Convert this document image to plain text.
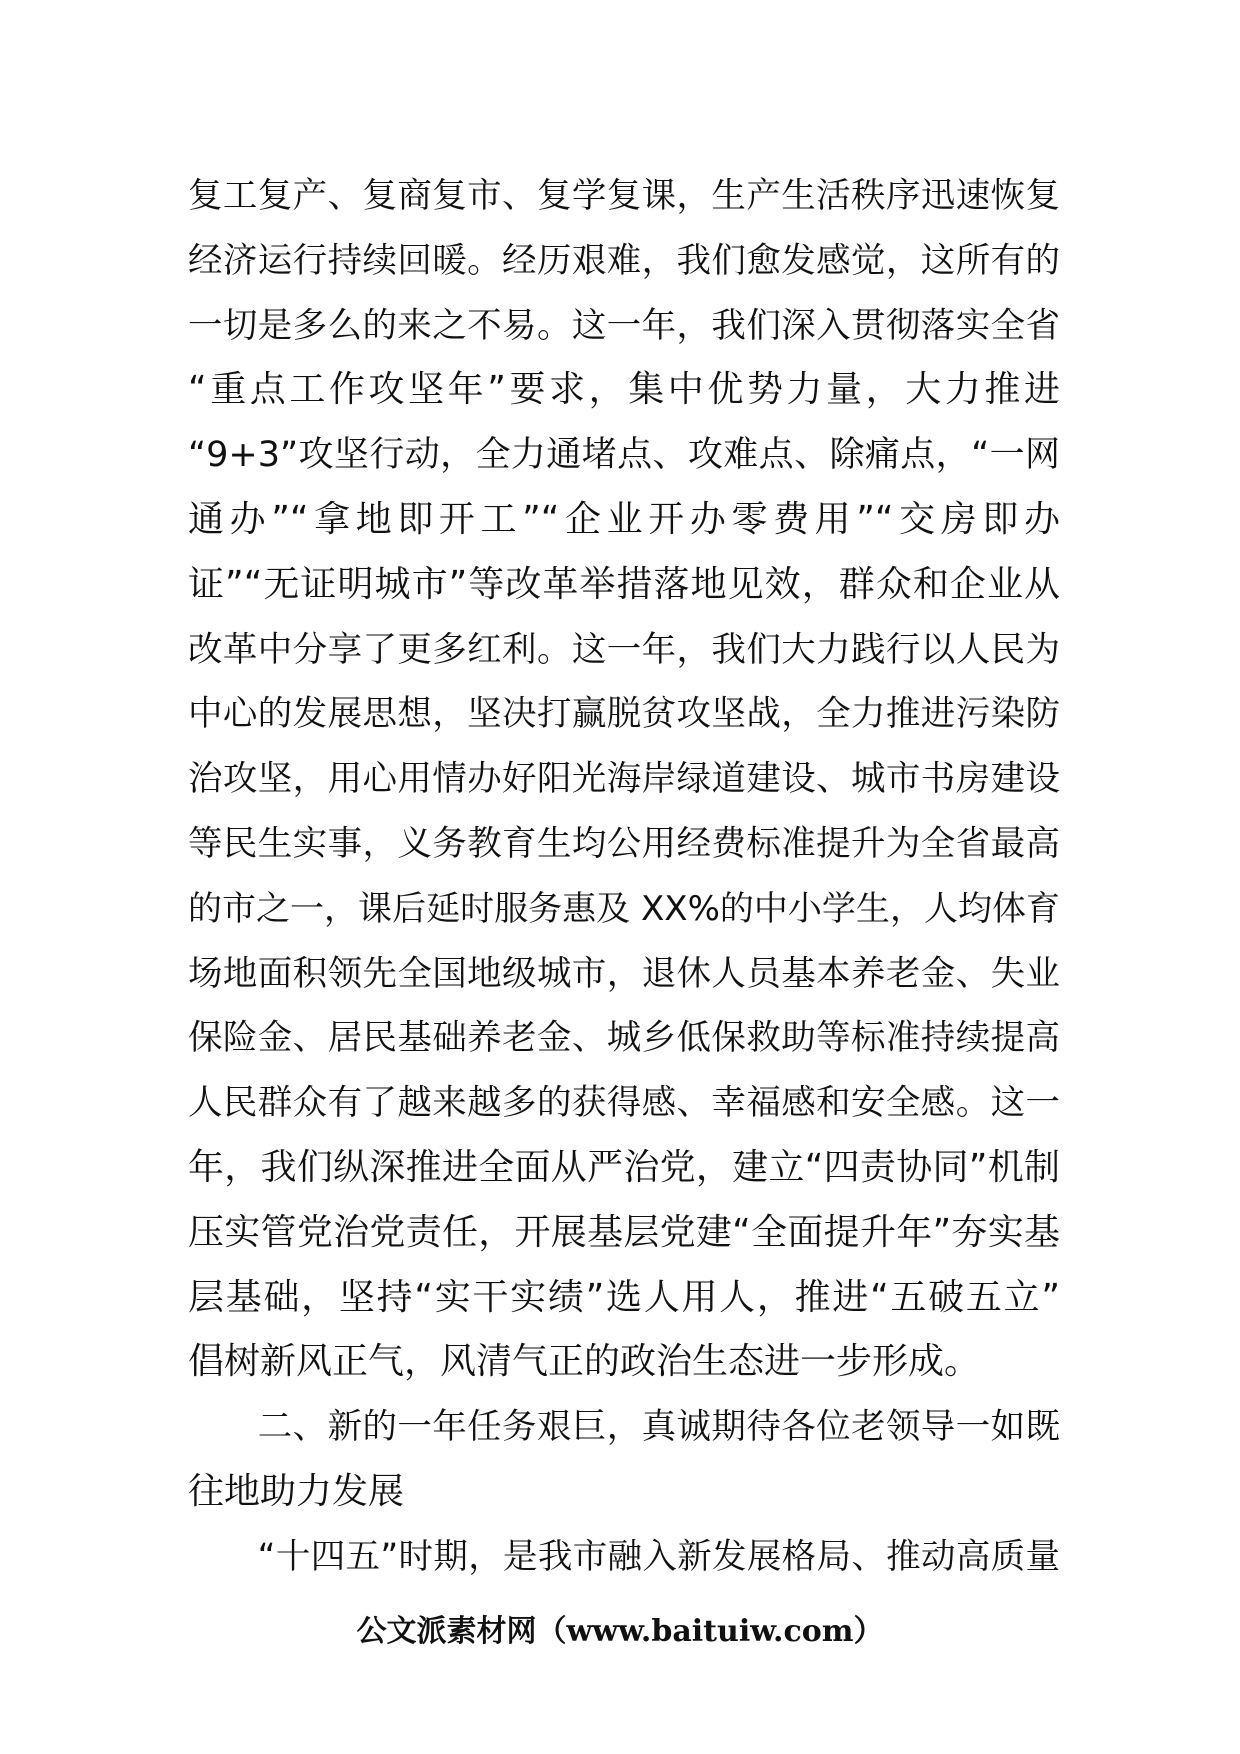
复工复产、复商复市、复学复课，生产生活秩序迅速恢复
经济运行持续回暖。经历艰难，我们愈发感觉，这所有的
一切是多么的来之不易。这一年，我们深入贯彻落实全省
“重点工作攻坚年”要求，集中优势力量，大力推进
“9+3”攻坚行动，全力通堵点、攻难点、除痛点，“一网
通办”“拿地即开工”“企业开办零费用”“交房即办
证”“无证明城市”等改革举措落地见效，群众和企业从
改革中分享了更多红利。这一年，我们大力践行以人民为
中心的发展思想，坚决打赢脱贫攻坚战，全力推进污染防
治攻坚，用心用情办好阳光海岸绿道建设、城市书房建设
等民生实事，义务教育生均公用经费标准提升为全省最高
的市之一，课后延时服务惠及 XX%的中小学生，人均体育
场地面积领先全国地级城市，退休人员基本养老金、失业
保险金、居民基础养老金、城乡低保救助等标准持续提高
人民群众有了越来越多的获得感、幸福感和安全感。这一
年，我们纵深推进全面从严治党，建立“四责协同”机制
压实管党治党责任，开展基层党建“全面提升年”夯实基
层基础，坚持“实干实绩”选人用人，推进“五破五立”
倡树新风正气，风清气正的政治生态进一步形成。
　　二、新的一年任务艰巨，真诚期待各位老领导一如既
往地助力发展
　　“十四五”时期，是我市融入新发展格局、推动高质量
公文派素材网（www.baituiw.com）
